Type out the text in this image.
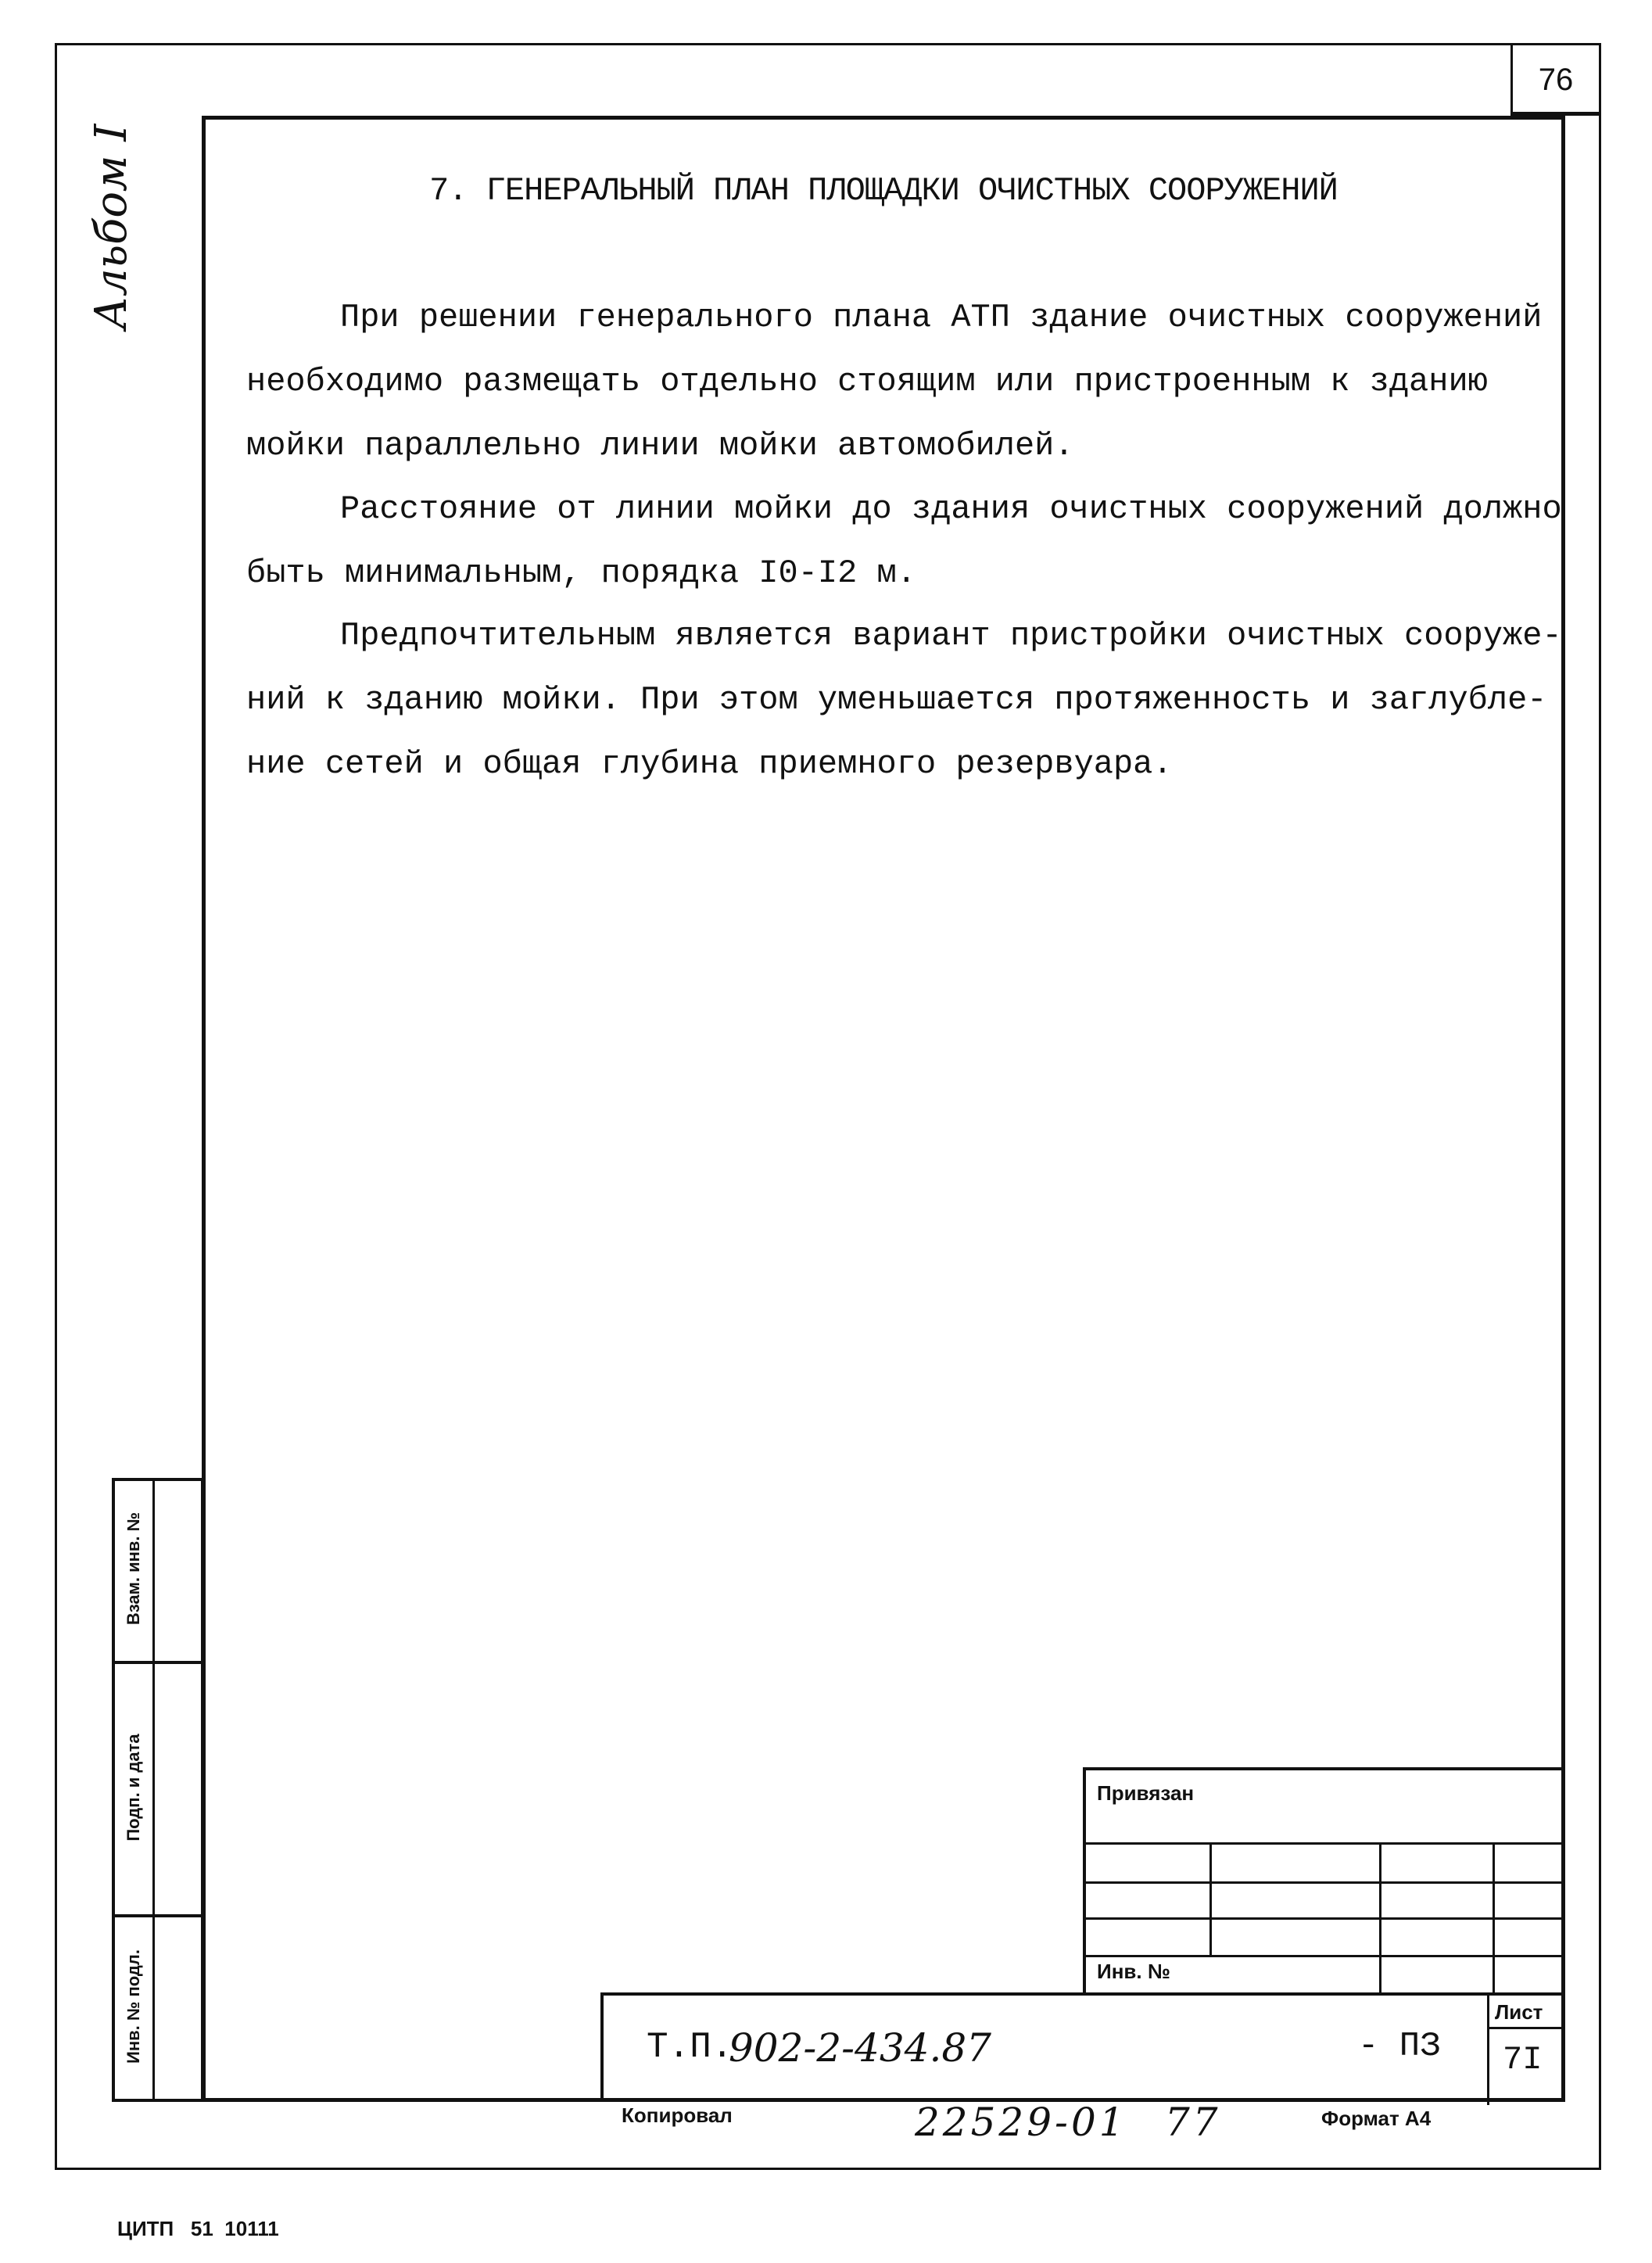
76
Альбом I	7. ГЕНЕРАЛЬНЫЙ ПЛАН ПЛОЩАДКИ ОЧИСТНЫХ СООРУЖЕНИЙ
При решении генерального плана АТП здание очистных сооружений
необходимо размещать отдельно стоящим или пристроенным к зданию
мойки параллельно линии мойки автомобилей.
Расстояние от линии мойки до здания очистных сооружений должно
быть минимальным, порядка I0-I2 м.
Предпочтительным является вариант пристройки очистных сооруже-
ний к зданию мойки. При этом уменьшается протяженность и заглубле-
ние сетей и общая глубина приемного резервуара.
Взам. инв. №
Подп. и дата
Инв. № подл.
Привязан
Инв. №
Т.П.
902-2-434.87	- ПЗ
Лист
7I
Копировал	22529-01 77	Формат А4
ЦИТП   51  10111
